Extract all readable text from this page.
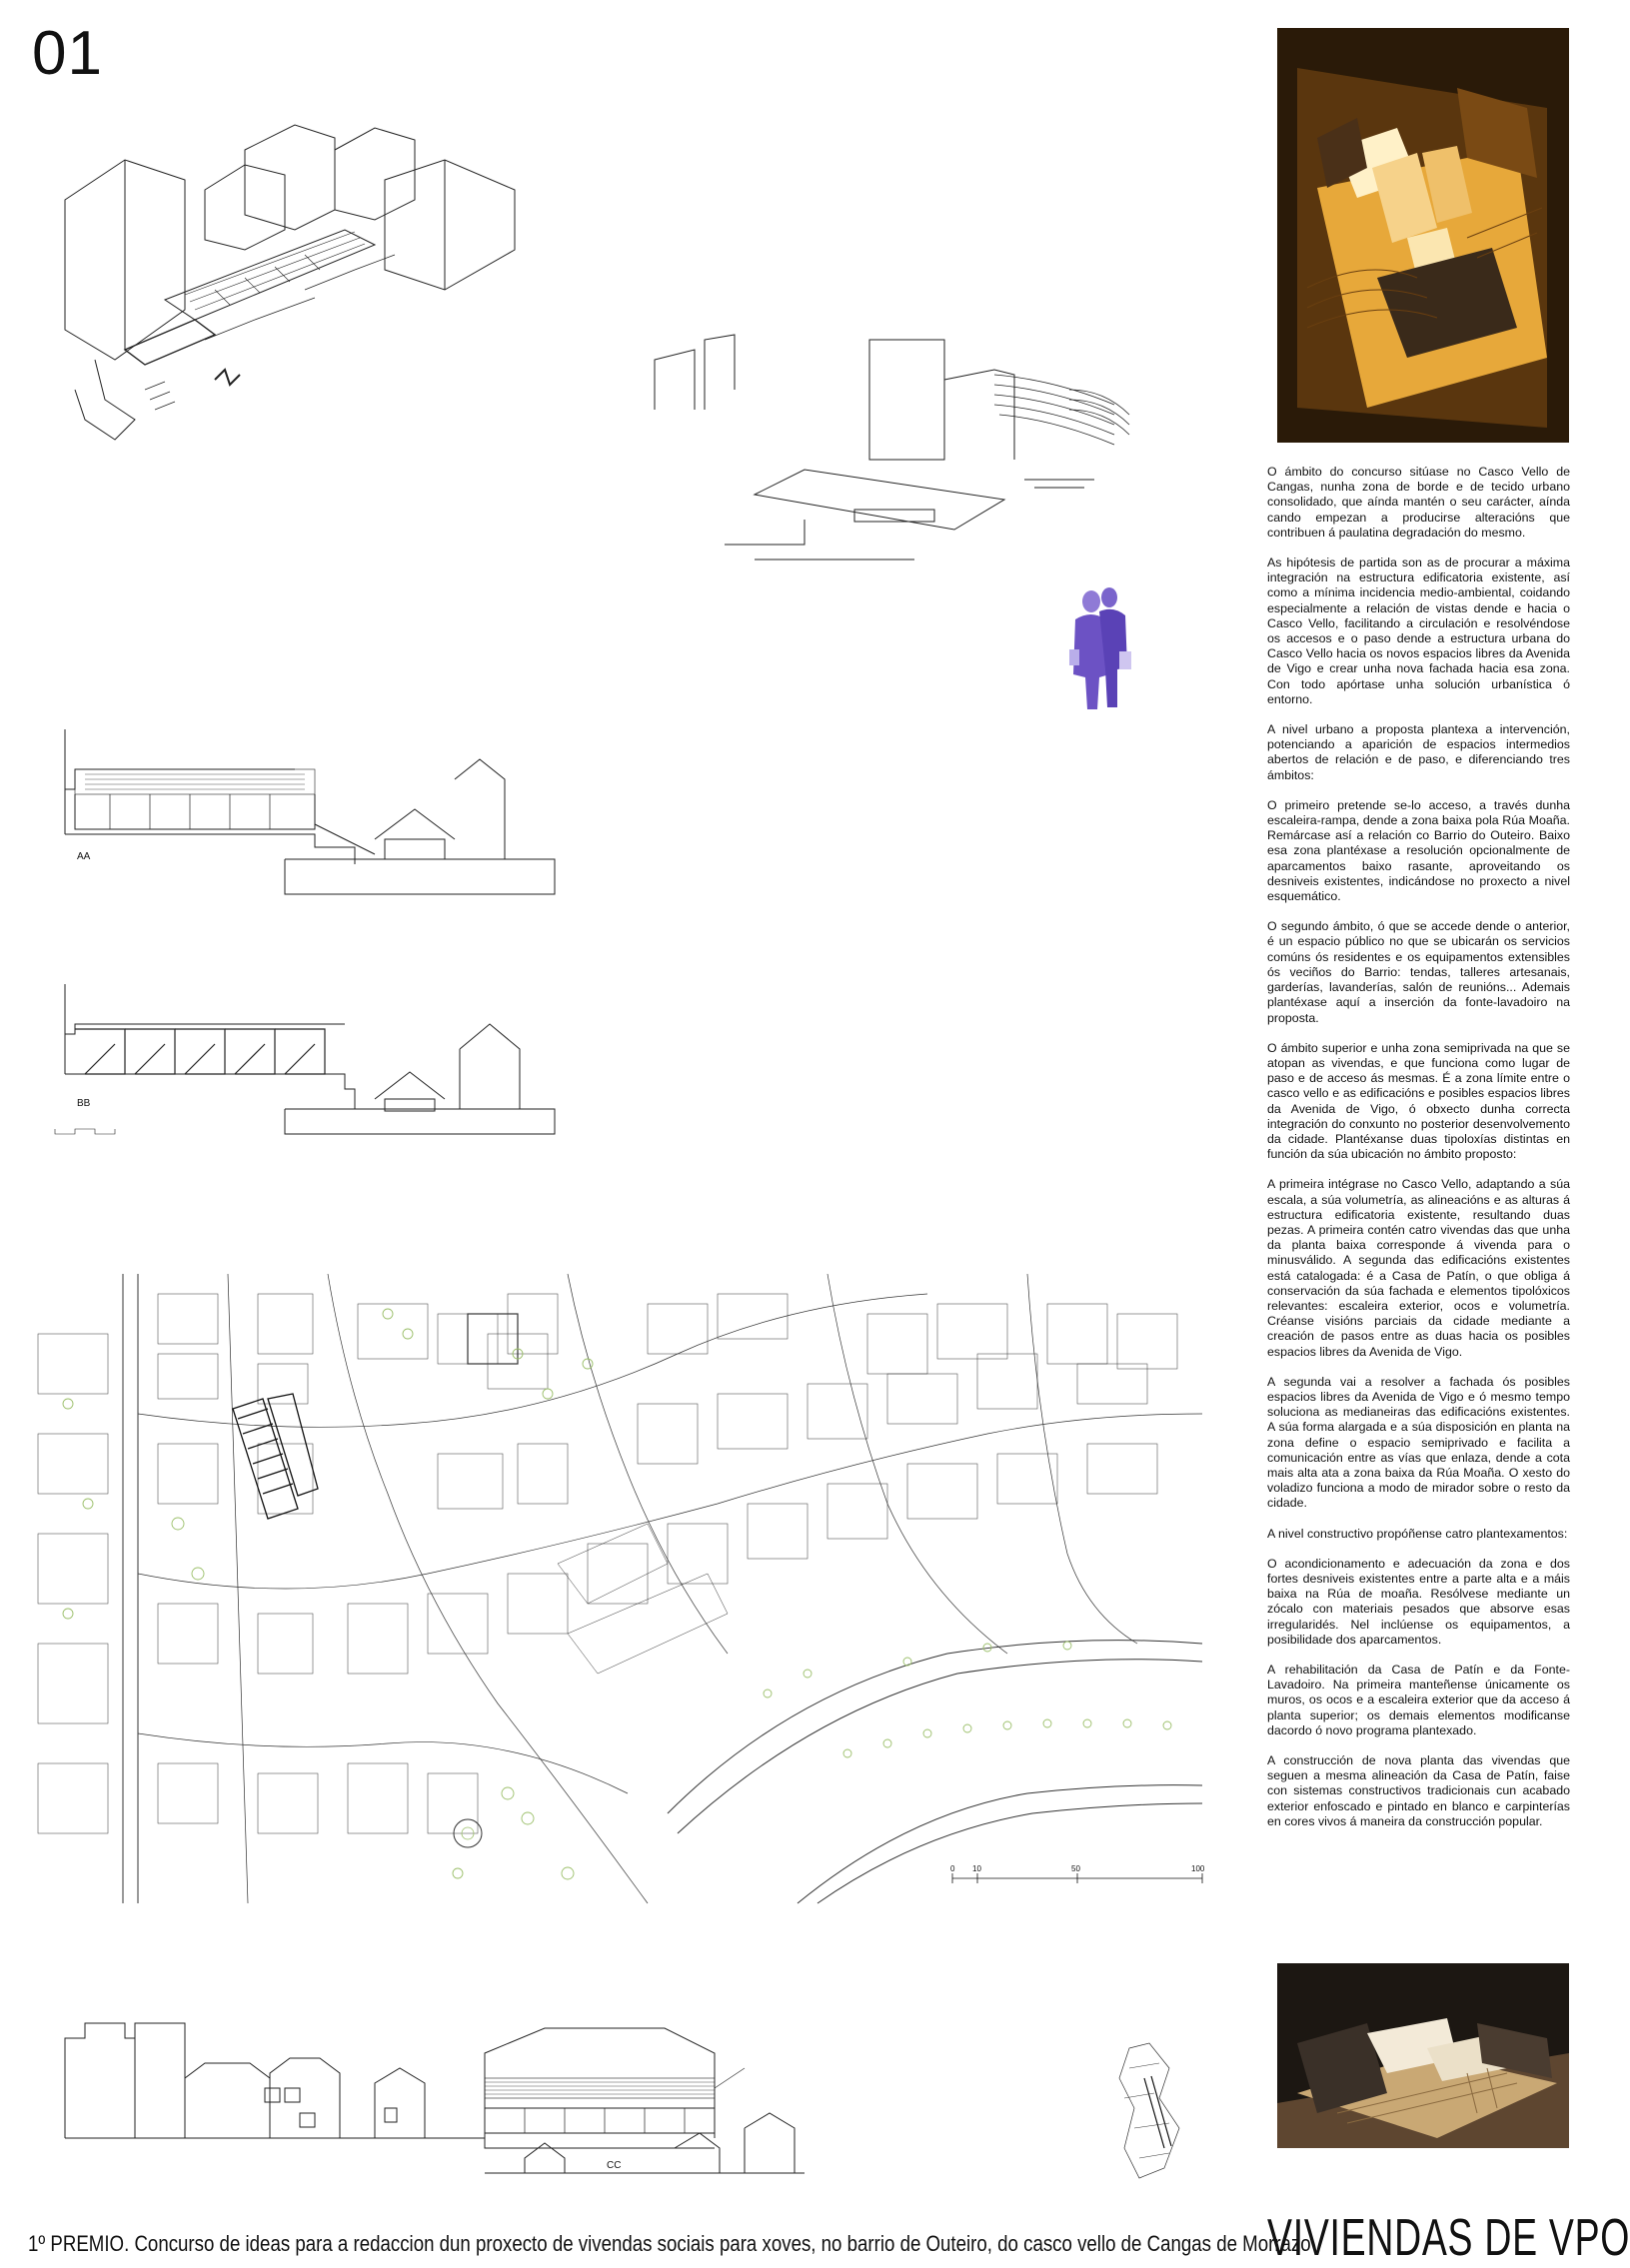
01
AA
BB
0 10	50	100
CC

O ámbito do concurso sitúase no Casco Vello de Cangas, nunha zona de borde e de tecido urbano consolidado, que aínda mantén o seu carácter, aínda cando empezan a producirse alteracións que contribuen á paulatina degradación do mesmo.

As hipótesis de partida son as de procurar a máxima integración na estructura edificatoria existente, así como a mínima incidencia medio-ambiental, coidando especialmente a relación de vistas dende e hacia o Casco Vello, facilitando a circulación e resolvéndose os accesos e o paso dende a estructura urbana do Casco Vello hacia os novos espacios libres da Avenida de Vigo e crear unha nova fachada hacia esa zona. Con todo apórtase unha solución urbanística ó entorno.

A nivel urbano a proposta plantexa a intervención, potenciando a aparición de espacios intermedios abertos de relación e de paso, e diferenciando tres ámbitos:

O primeiro pretende se-lo acceso, a través dunha escaleira-rampa, dende a zona baixa pola Rúa Moaña. Remárcase así a relación co Barrio do Outeiro. Baixo esa zona plantéxase a resolución opcionalmente de aparcamentos baixo rasante, aproveitando os desniveis existentes, indicándose no proxecto a nivel esquemático.

O segundo ámbito, ó que se accede dende o anterior, é un espacio público no que se ubicarán os servicios comúns ós residentes e os equipamentos extensibles ós veciños do Barrio: tendas, talleres artesanais, garderías, lavanderías, salón de reunións... Ademais plantéxase aquí a inserción da fonte-lavadoiro na proposta.

O ámbito superior e unha zona semiprivada na que se atopan as vivendas, e que funciona como lugar de paso e de acceso ás mesmas. É a zona límite entre o casco vello e as edificacións e posibles espacios libres da Avenida de Vigo, ó obxecto dunha correcta integración do conxunto no posterior desenvolvemento da cidade. Plantéxanse duas tipoloxías distintas en función da súa ubicación no ámbito proposto:

A primeira intégrase no Casco Vello, adaptando a súa escala, a súa volumetría, as alineacións e as alturas á estructura edificatoria existente, resultando duas pezas. A primeira contén catro vivendas das que unha da planta baixa corresponde á vivenda para o minusválido. A segunda das edificacións existentes está catalogada: é a Casa de Patín, o que obliga á conservación da súa fachada e elementos tipolóxicos relevantes: escaleira exterior, ocos e volumetría. Créanse visións parciais da cidade mediante a creación de pasos entre as duas hacia os posibles espacios libres da Avenida de Vigo.

A segunda vai a resolver a fachada ós posibles espacios libres da Avenida de Vigo e ó mesmo tempo soluciona as medianeiras das edificacións existentes. A súa forma alargada e a súa disposición en planta na zona define o espacio semiprivado e facilita a comunicación entre as vías que enlaza, dende a cota mais alta ata a zona baixa da Rúa Moaña. O xesto do voladizo funciona a modo de mirador sobre o resto da cidade.

A nivel constructivo propóñense catro plantexamentos:

O acondicionamento e adecuación da zona e dos fortes desniveis existentes entre a parte alta e a máis baixa na Rúa de moaña. Resólvese mediante un zócalo con materiais pesados que absorve esas irregularidés. Nel inclúense os equipamentos, a posibilidade dos aparcamentos.

A rehabilitación da Casa de Patín e da Fonte-Lavadoiro. Na primeira manteñense únicamente os muros, os ocos e a escaleira exterior que da acceso á planta superior; os demais elementos modificanse dacordo ó novo programa plantexado.

A construcción de nova planta das vivendas que seguen a mesma alineación da Casa de Patín, faise con sistemas constructivos tradicionais cun acabado exterior enfoscado e pintado en blanco e carpinterías en cores vivos á maneira da construcción popular.

1º PREMIO. Concurso de ideas para a redaccion dun proxecto de vivendas sociais para xoves, no barrio de Outeiro, do casco vello de Cangas de Morrazo
VIVIENDAS DE VPO
